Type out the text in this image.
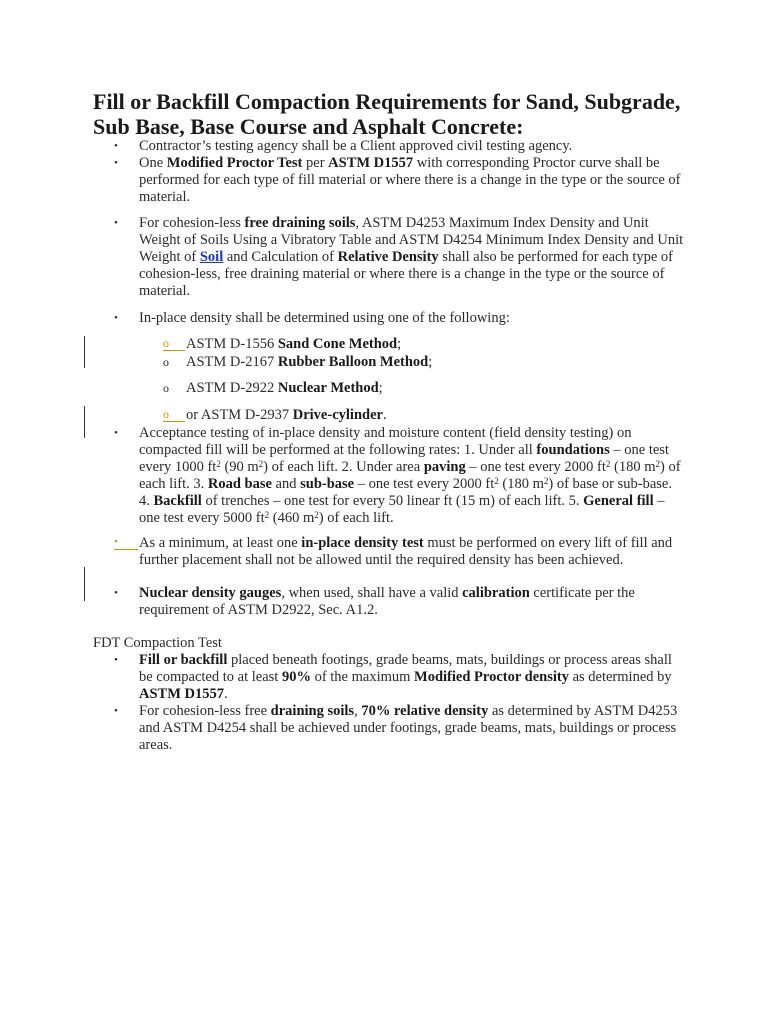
Fill or Backfill Compaction Requirements for Sand, Subgrade, Sub Base, Base Course and Asphalt Concrete:
• Contractor’s testing agency shall be a Client approved civil testing agency.
• One Modified Proctor Test per ASTM D1557 with corresponding Proctor curve shall be performed for each type of fill material or where there is a change in the type or the source of material.
• For cohesion-less free draining soils, ASTM D4253 Maximum Index Density and Unit Weight of Soils Using a Vibratory Table and ASTM D4254 Minimum Index Density and Unit Weight of Soil and Calculation of Relative Density shall also be performed for each type of cohesion-less, free draining material or where there is a change in the type or the source of material.
• In-place density shall be determined using one of the following:
o	ASTM D-1556 Sand Cone Method;
o	ASTM D-2167 Rubber Balloon Method;
o	ASTM D-2922 Nuclear Method;
o	or ASTM D-2937 Drive-cylinder.
• Acceptance testing of in-place density and moisture content (field density testing) on compacted fill will be performed at the following rates: 1. Under all foundations – one test every 1000 $ft^2$ (90 $m^2$) of each lift. 2. Under area paving – one test every 2000 $ft^2$ (180 $m^2$) of each lift. 3. Road base and sub-base – one test every 2000 $ft^2$ (180 $m^2$) of base or sub-base. 4. Backfill of trenches – one test for every 50 linear ft (15 m) of each lift. 5. General fill – one test every 5000 $ft^2$ (460 $m^2$) of each lift.
•	As a minimum, at least one in-place density test must be performed on every lift of fill and further placement shall not be allowed until the required density has been achieved.
• Nuclear density gauges, when used, shall have a valid calibration certificate per the requirement of ASTM D2922, Sec. A1.2.
FDT Compaction Test
• Fill or backfill placed beneath footings, grade beams, mats, buildings or process areas shall be compacted to at least 90% of the maximum Modified Proctor density as determined by ASTM D1557.
• For cohesion-less free draining soils, 70% relative density as determined by ASTM D4253 and ASTM D4254 shall be achieved under footings, grade beams, mats, buildings or process areas.
